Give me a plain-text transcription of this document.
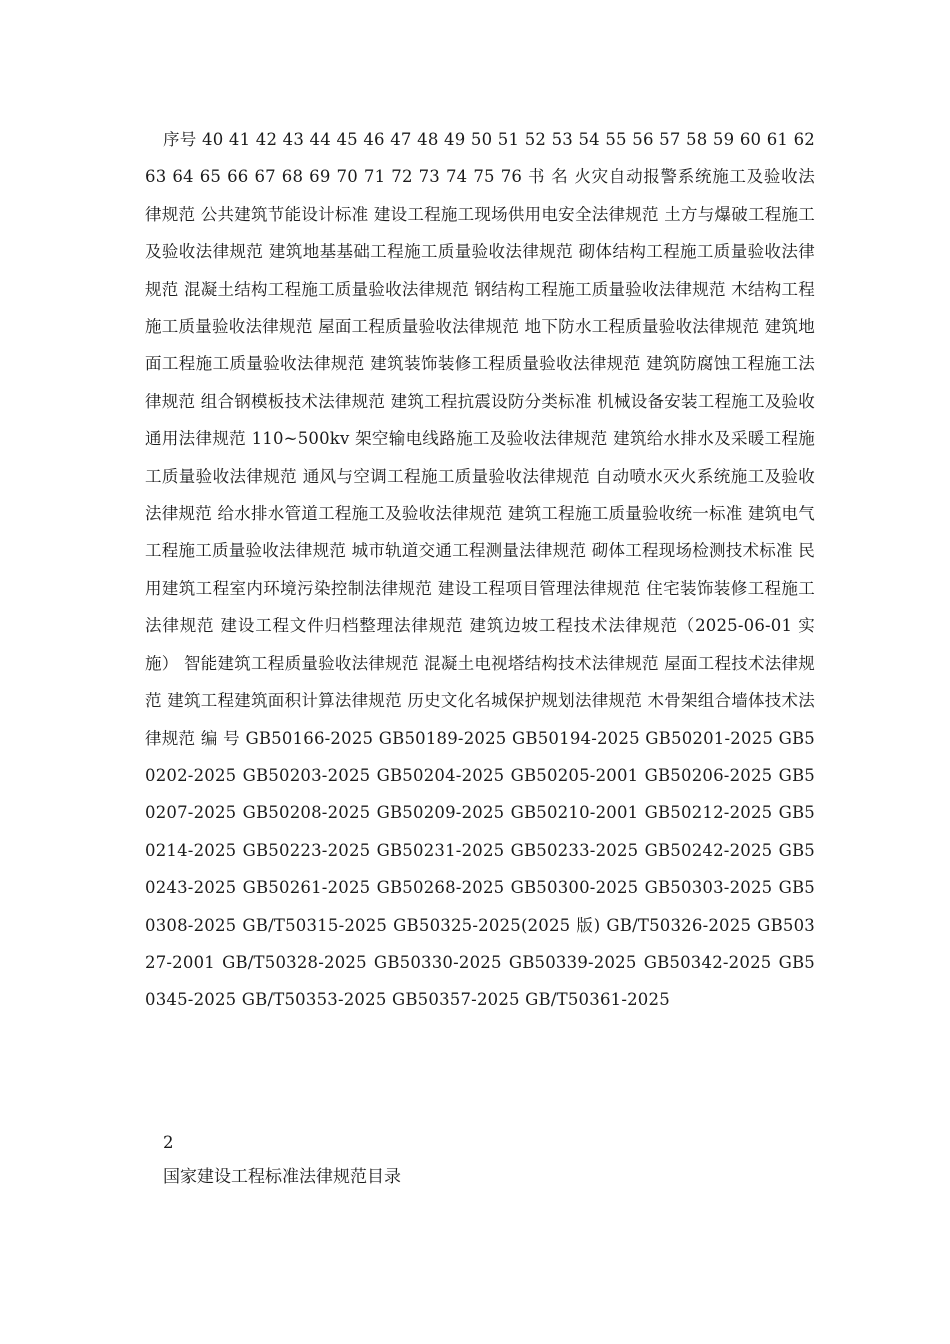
序号 40 41 42 43 44 45 46 47 48 49 50 51 52 53 54 55 56 57 58 59 60 61 62 63 64 65 66 67 68 69 70 71 72 73 74 75 76 书 名 火灾自动报警系统施工及验收法律规范 公共建筑节能设计标准 建设工程施工现场供用电安全法律规范 土方与爆破工程施工及验收法律规范 建筑地基基础工程施工质量验收法律规范 砌体结构工程施工质量验收法律规范 混凝土结构工程施工质量验收法律规范 钢结构工程施工质量验收法律规范 木结构工程施工质量验收法律规范 屋面工程质量验收法律规范 地下防水工程质量验收法律规范 建筑地面工程施工质量验收法律规范 建筑装饰装修工程质量验收法律规范 建筑防腐蚀工程施工法律规范 组合钢模板技术法律规范 建筑工程抗震设防分类标准 机械设备安装工程施工及验收通用法律规范 110~500kv 架空输电线路施工及验收法律规范 建筑给水排水及采暖工程施工质量验收法律规范 通风与空调工程施工质量验收法律规范 自动喷水灭火系统施工及验收法律规范 给水排水管道工程施工及验收法律规范 建筑工程施工质量验收统一标准 建筑电气工程施工质量验收法律规范 城市轨道交通工程测量法律规范 砌体工程现场检测技术标准 民用建筑工程室内环境污染控制法律规范 建设工程项目管理法律规范 住宅装饰装修工程施工法律规范 建设工程文件归档整理法律规范 建筑边坡工程技术法律规范（2025-06-01 实施） 智能建筑工程质量验收法律规范 混凝土电视塔结构技术法律规范 屋面工程技术法律规范 建筑工程建筑面积计算法律规范 历史文化名城保护规划法律规范 木骨架组合墙体技术法律规范 编 号 GB50166-2025 GB50189-2025 GB50194-2025 GB50201-2025 GB50202-2025 GB50203-2025 GB50204-2025 GB50205-2001 GB50206-2025 GB50207-2025 GB50208-2025 GB50209-2025 GB50210-2001 GB50212-2025 GB50214-2025 GB50223-2025 GB50231-2025 GB50233-2025 GB50242-2025 GB50243-2025 GB50261-2025 GB50268-2025 GB50300-2025 GB50303-2025 GB50308-2025 GB/T50315-2025 GB50325-2025(2025 版) GB/T50326-2025 GB50327-2001 GB/T50328-2025 GB50330-2025 GB50339-2025 GB50342-2025 GB50345-2025 GB/T50353-2025 GB50357-2025 GB/T50361-2025

2

国家建设工程标准法律规范目录
